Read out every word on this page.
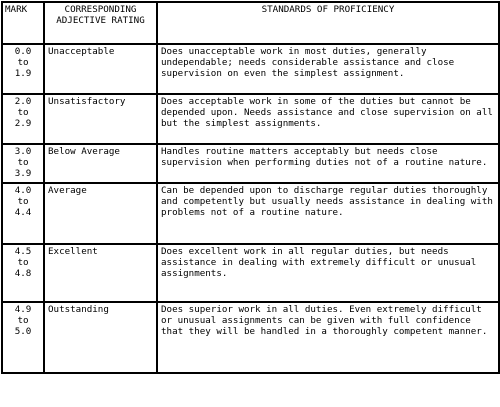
MARK	CORRESPONDING ADJECTIVE RATING	STANDARDS OF PROFICIENCY

0.0
to
1.9	Unacceptable	Does unacceptable work in most duties, generally undependable; needs considerable assistance and close supervision on even the simplest assignment.

2.0
to
2.9	Unsatisfactory	Does acceptable work in some of the duties but cannot be depended upon. Needs assistance and close supervision on all but the simplest assignments.

3.0
to
3.9	Below Average	Handles routine matters acceptably but needs close supervision when performing duties not of a routine nature.

4.0
to
4.4	Average	Can be depended upon to discharge regular duties thoroughly and competently but usually needs assistance in dealing with problems not of a routine nature.

4.5
to
4.8	Excellent	Does excellent work in all regular duties, but needs assistance in dealing with extremely difficult or unusual assignments.

4.9
to
5.0	Outstanding	Does superior work in all duties. Even extremely difficult or unusual assignments can be given with full confidence that they will be handled in a thoroughly competent manner.
